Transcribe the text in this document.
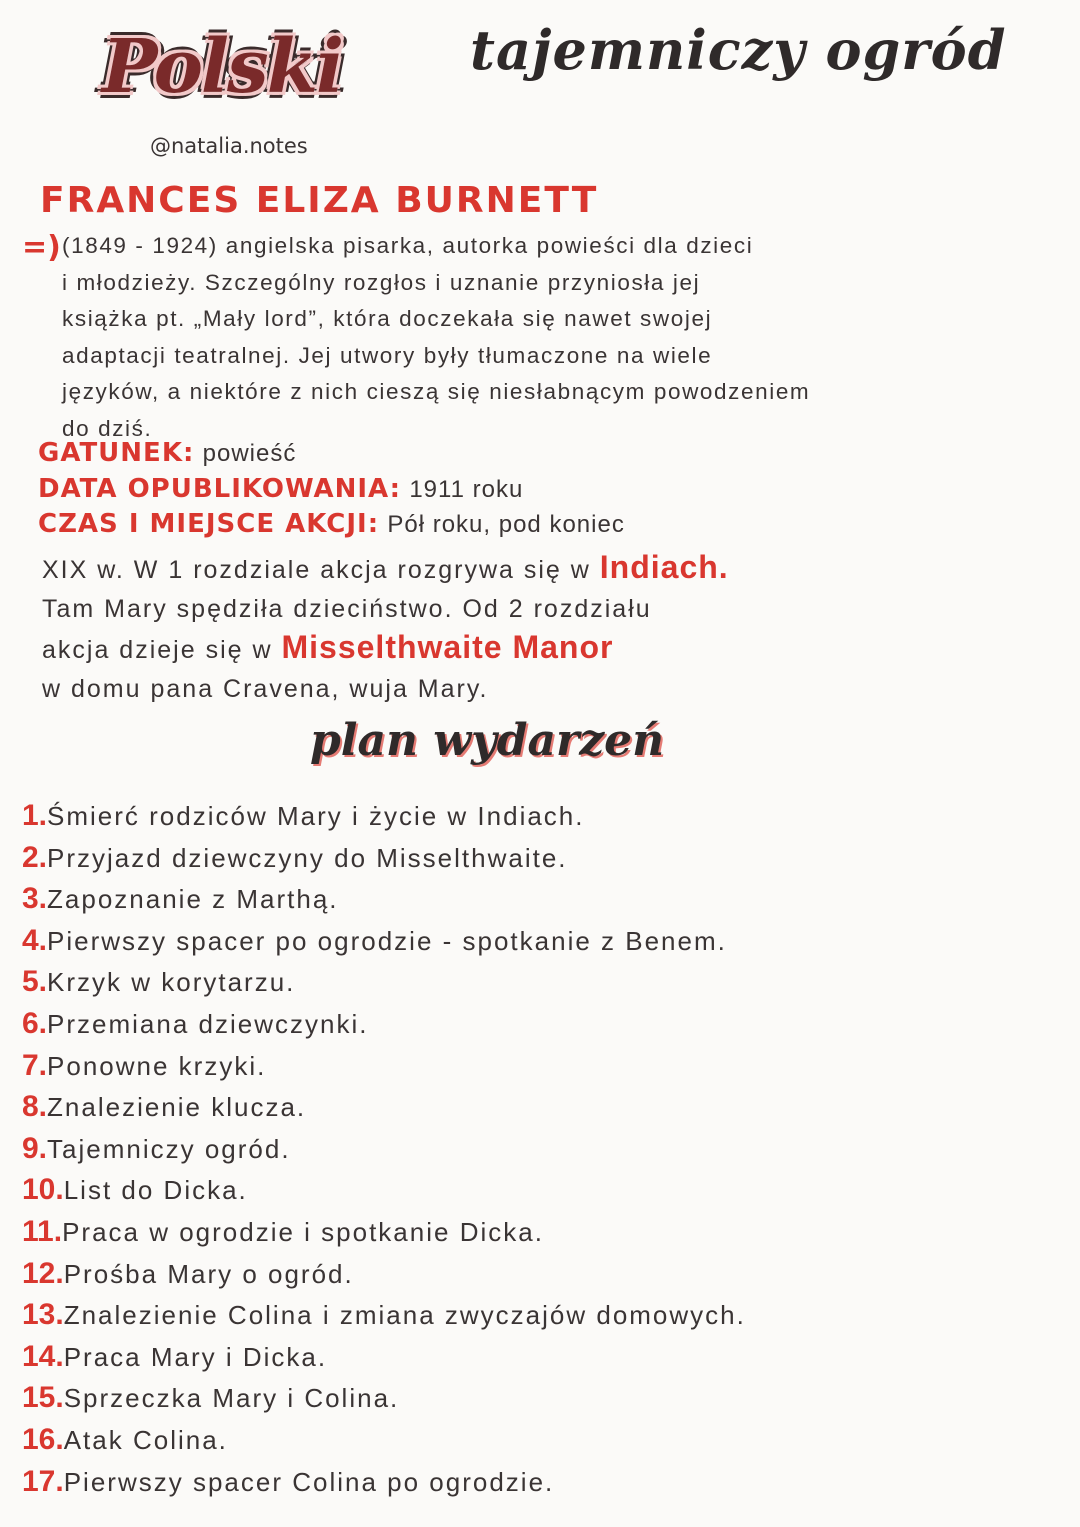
Polski
@natalia.notes
tajemniczy ogród
FRANCES ELIZA BURNETT
=) (1849 - 1924) angielska pisarka, autorka powieści dla dzieci
i młodzieży. Szczególny rozgłos i uznanie przyniosła jej
książka pt. „Mały lord”, która doczekała się nawet swojej
adaptacji teatralnej. Jej utwory były tłumaczone na wiele
języków, a niektóre z nich cieszą się niesłabnącym powodzeniem
do dziś.
GATUNEK: powieść
DATA OPUBLIKOWANIA: 1911 roku
CZAS I MIEJSCE AKCJI: Pół roku, pod koniec
XIX w. W 1 rozdziale akcja rozgrywa się w Indiach.
Tam Mary spędziła dzieciństwo. Od 2 rozdziału
akcja dzieje się w Misselthwaite Manor
w domu pana Cravena, wuja Mary.
plan wydarzeń
1.Śmierć rodziców Mary i życie w Indiach.
2.Przyjazd dziewczyny do Misselthwaite.
3.Zapoznanie z Marthą.
4.Pierwszy spacer po ogrodzie - spotkanie z Benem.
5.Krzyk w korytarzu.
6.Przemiana dziewczynki.
7.Ponowne krzyki.
8.Znalezienie klucza.
9.Tajemniczy ogród.
10.List do Dicka.
11.Praca w ogrodzie i spotkanie Dicka.
12.Prośba Mary o ogród.
13.Znalezienie Colina i zmiana zwyczajów domowych.
14.Praca Mary i Dicka.
15.Sprzeczka Mary i Colina.
16.Atak Colina.
17.Pierwszy spacer Colina po ogrodzie.
